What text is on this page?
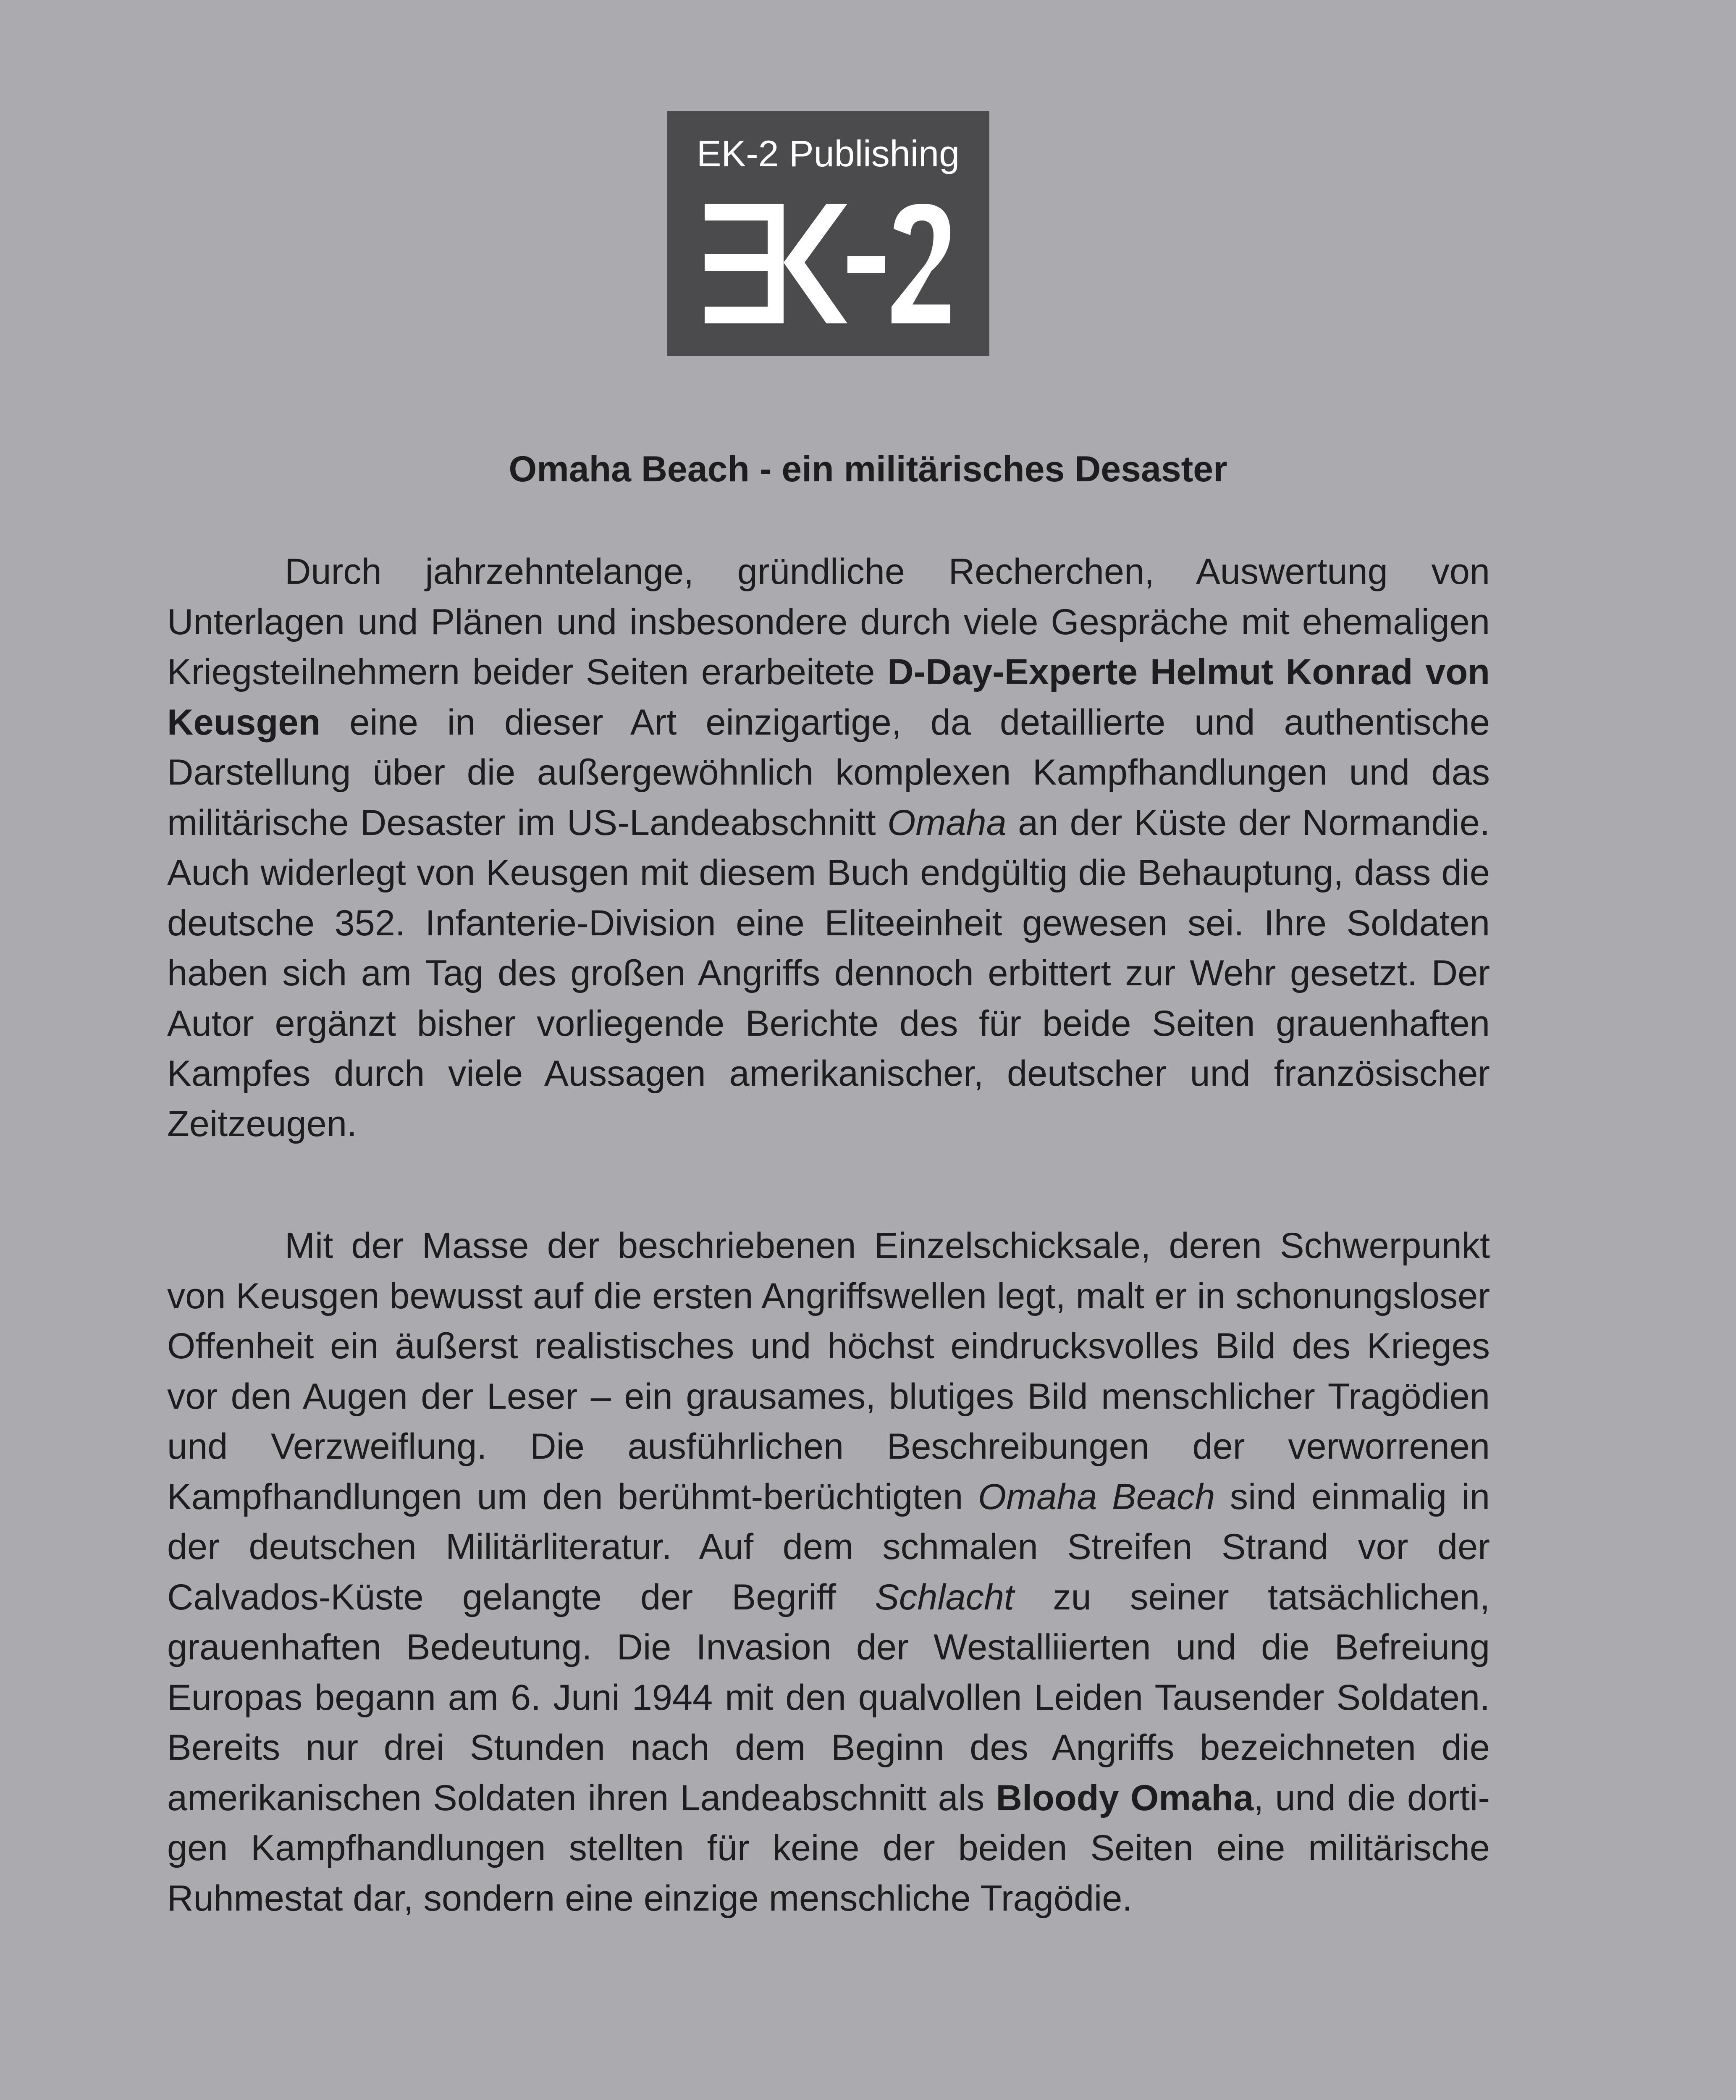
EK-2 Publishing
Omaha Beach - ein militärisches Desaster
Durch jahrzehntelange, gründliche Recherchen, Auswertung von Unterlagen und Plänen und insbesondere durch viele Gespräche mit ehemaligen Kriegsteilnehmern beider Seiten erarbeitete D-Day-Experte Helmut Konrad von Keusgen eine in dieser Art einzigartige, da detaillierte und authentische Darstellung über die außergewöhnlich komplexen Kampfhandlungen und das militärische Desaster im US-Landeabschnitt Omaha an der Küste der Normandie. Auch widerlegt von Keusgen mit diesem Buch endgültig die Behauptung, dass die deutsche 352. Infanterie-Division eine Eliteeinheit gewesen sei. Ihre Soldaten haben sich am Tag des großen Angriffs dennoch erbittert zur Wehr gesetzt. Der Autor ergänzt bisher vorliegende Berichte des für beide Seiten grauenhaften Kampfes durch viele Aussagen amerikanischer, deutscher und französischer Zeitzeugen.
Mit der Masse der beschriebenen Einzelschicksale, deren Schwerpunkt von Keusgen bewusst auf die ersten Angriffswellen legt, malt er in schonungsloser Offenheit ein äußerst realistisches und höchst eindrucksvolles Bild des Krieges vor den Augen der Leser – ein grausames, blutiges Bild menschlicher Tragödien und Verzweiflung. Die ausführlichen Beschreibungen der verworrenen Kampfhandlungen um den berühmt-berüchtigten Omaha Beach sind einmalig in der deutschen Militärliteratur. Auf dem schmalen Streifen Strand vor der Calvados-Küste gelangte der Begriff Schlacht zu seiner tatsächlichen, grauenhaften Bedeutung. Die Invasion der Westalliierten und die Befreiung Europas begann am 6. Juni 1944 mit den qualvollen Leiden Tausender Soldaten. Bereits nur drei Stunden nach dem Beginn des Angriffs bezeichneten die amerikanischen Soldaten ihren Landeabschnitt als Bloody Omaha, und die dortigen Kampfhandlungen stellten für keine der beiden Seiten eine militärische Ruhmestat dar, sondern eine einzige menschliche Tragödie.
